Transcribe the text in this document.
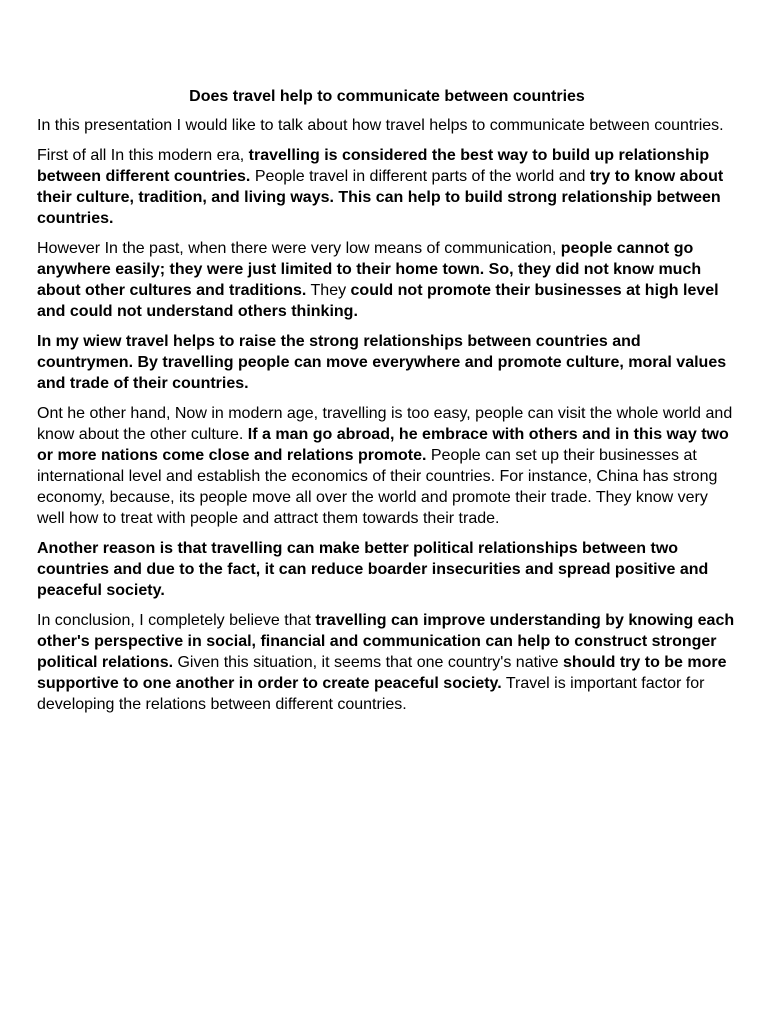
Does travel help to communicate between countries

In this presentation I would like to talk about how travel helps to communicate between countries.

First of all In this modern era, travelling is considered the best way to build up relationship between different countries. People travel in different parts of the world and try to know about their culture, tradition, and living ways. This can help to build strong relationship between countries.

However In the past, when there were very low means of communication, people cannot go anywhere easily; they were just limited to their home town. So, they did not know much about other cultures and traditions. They could not promote their businesses at high level and could not understand others thinking.

In my wiew travel helps to raise the strong relationships between countries and countrymen. By travelling people can move everywhere and promote culture, moral values and trade of their countries.

Ont he other hand, Now in modern age, travelling is too easy, people can visit the whole world and know about the other culture. If a man go abroad, he embrace with others and in this way two or more nations come close and relations promote. People can set up their businesses at international level and establish the economics of their countries. For instance, China has strong economy, because, its people move all over the world and promote their trade. They know very well how to treat with people and attract them towards their trade.

Another reason is that travelling can make better political relationships between two countries and due to the fact, it can reduce boarder insecurities and spread positive and peaceful society.

In conclusion, I completely believe that travelling can improve understanding by knowing each other's perspective in social, financial and communication can help to construct stronger political relations. Given this situation, it seems that one country's native should try to be more supportive to one another in order to create peaceful society. Travel is important factor for developing the relations between different countries.
